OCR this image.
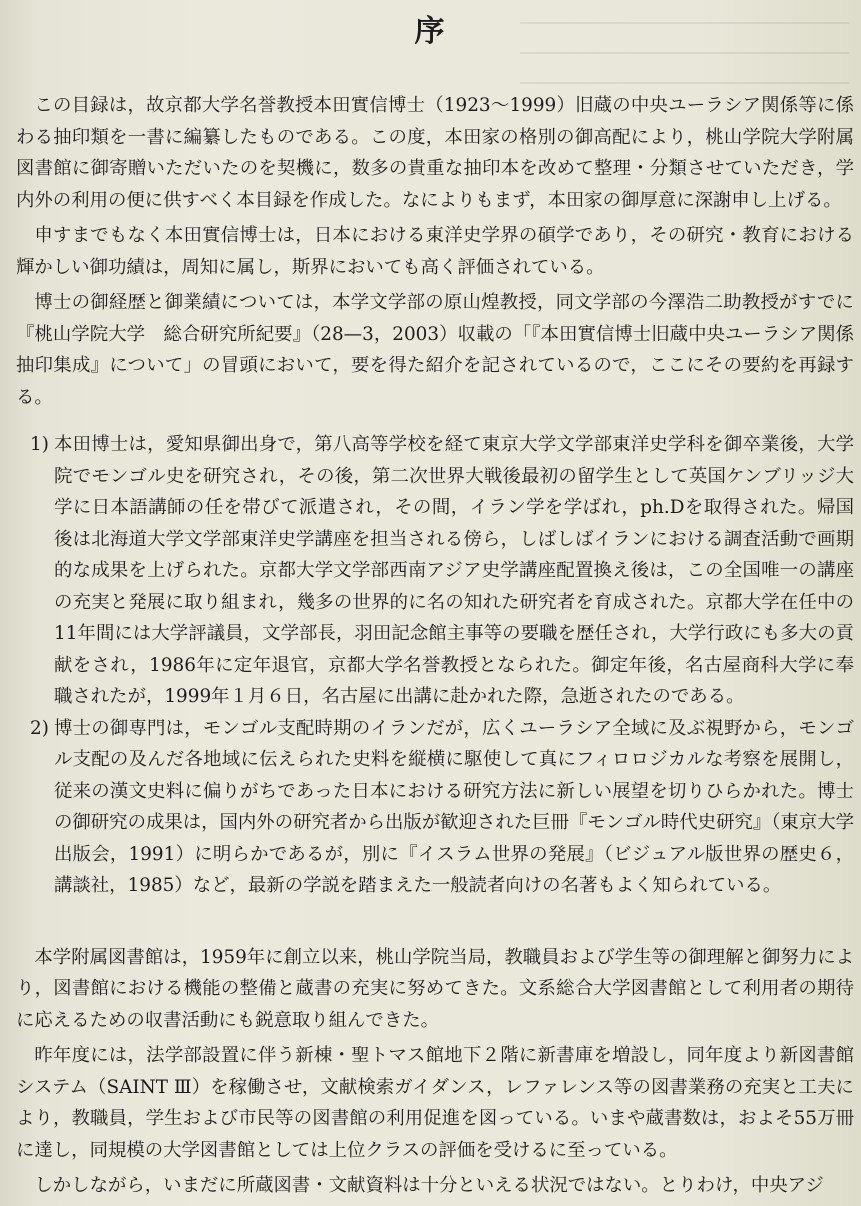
序

この目録は，故京都大学名誉教授本田實信博士（1923〜1999）旧蔵の中央ユーラシア関係等に係わる抽印類を一書に編纂したものである。この度，本田家の格別の御高配により，桃山学院大学附属図書館に御寄贈いただいたのを契機に，数多の貴重な抽印本を改めて整理・分類させていただき，学内外の利用の便に供すべく本目録を作成した。なによりもまず，本田家の御厚意に深謝申し上げる。

申すまでもなく本田實信博士は，日本における東洋史学界の碩学であり，その研究・教育における輝かしい御功績は，周知に属し，斯界においても高く評価されている。

博士の御経歴と御業績については，本学文学部の原山煌教授，同文学部の今澤浩二助教授がすでに『桃山学院大学　総合研究所紀要』（28—3，2003）収載の「『本田實信博士旧蔵中央ユーラシア関係抽印集成』について」の冒頭において，要を得た紹介を記されているので，ここにその要約を再録する。

1) 本田博士は，愛知県御出身で，第八高等学校を経て東京大学文学部東洋史学科を御卒業後，大学院でモンゴル史を研究され，その後，第二次世界大戦後最初の留学生として英国ケンブリッジ大学に日本語講師の任を帯びて派遣され，その間，イラン学を学ばれ，ph.Dを取得された。帰国後は北海道大学文学部東洋史学講座を担当される傍ら，しばしばイランにおける調査活動で画期的な成果を上げられた。京都大学文学部西南アジア史学講座配置換え後は，この全国唯一の講座の充実と発展に取り組まれ，幾多の世界的に名の知れた研究者を育成された。京都大学在任中の11年間には大学評議員，文学部長，羽田記念館主事等の要職を歴任され，大学行政にも多大の貢献をされ，1986年に定年退官，京都大学名誉教授となられた。御定年後，名古屋商科大学に奉職されたが，1999年１月６日，名古屋に出講に赴かれた際，急逝されたのである。
2) 博士の御専門は，モンゴル支配時期のイランだが，広くユーラシア全域に及ぶ視野から，モンゴル支配の及んだ各地域に伝えられた史料を縦横に駆使して真にフィロロジカルな考察を展開し，従来の漢文史料に偏りがちであった日本における研究方法に新しい展望を切りひらかれた。博士の御研究の成果は，国内外の研究者から出版が歓迎された巨冊『モンゴル時代史研究』（東京大学出版会，1991）に明らかであるが，別に『イスラム世界の発展』（ビジュアル版世界の歴史６，講談社，1985）など，最新の学説を踏まえた一般読者向けの名著もよく知られている。

本学附属図書館は，1959年に創立以来，桃山学院当局，教職員および学生等の御理解と御努力により，図書館における機能の整備と蔵書の充実に努めてきた。文系総合大学図書館として利用者の期待に応えるための収書活動にも鋭意取り組んできた。

昨年度には，法学部設置に伴う新棟・聖トマス館地下２階に新書庫を増設し，同年度より新図書館システム（SAINT Ⅲ）を稼働させ，文献検索ガイダンス，レファレンス等の図書業務の充実と工夫により，教職員，学生および市民等の図書館の利用促進を図っている。いまや蔵書数は，およそ55万冊に達し，同規模の大学図書館としては上位クラスの評価を受けるに至っている。

しかしながら，いまだに所蔵図書・文献資料は十分といえる状況ではない。とりわけ，中央アジ
